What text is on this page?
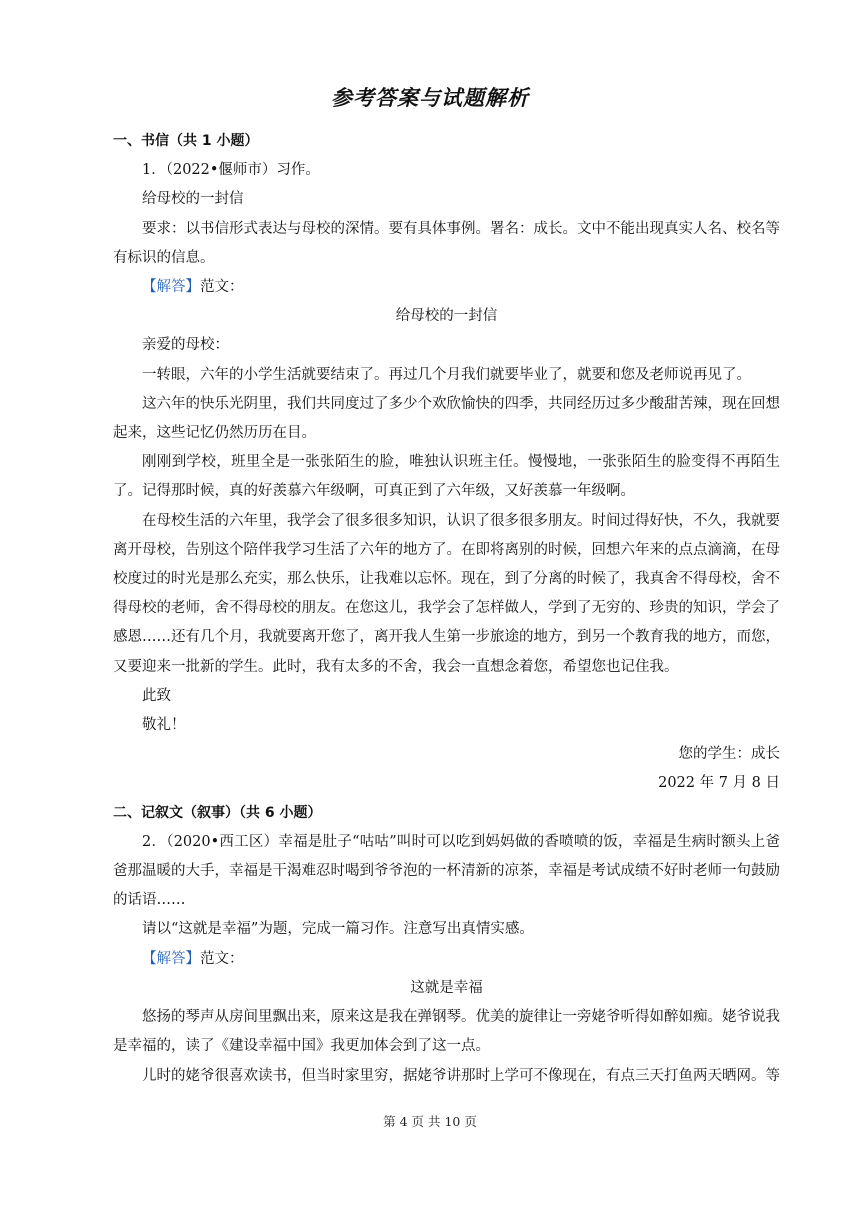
参考答案与试题解析

一、书信（共 1 小题）

1．（2022•偃师市）习作。

给母校的一封信

要求：以书信形式表达与母校的深情。要有具体事例。署名：成长。文中不能出现真实人名、校名等有标识的信息。

【解答】范文：

给母校的一封信

亲爱的母校：

一转眼，六年的小学生活就要结束了。再过几个月我们就要毕业了，就要和您及老师说再见了。

这六年的快乐光阴里，我们共同度过了多少个欢欣愉快的四季，共同经历过多少酸甜苦辣，现在回想起来，这些记忆仍然历历在目。

刚刚到学校，班里全是一张张陌生的脸，唯独认识班主任。慢慢地，一张张陌生的脸变得不再陌生了。记得那时候，真的好羡慕六年级啊，可真正到了六年级，又好羡慕一年级啊。

在母校生活的六年里，我学会了很多很多知识，认识了很多很多朋友。时间过得好快，不久，我就要离开母校，告别这个陪伴我学习生活了六年的地方了。在即将离别的时候，回想六年来的点点滴滴，在母校度过的时光是那么充实，那么快乐，让我难以忘怀。现在，到了分离的时候了，我真舍不得母校，舍不得母校的老师，舍不得母校的朋友。在您这儿，我学会了怎样做人，学到了无穷的、珍贵的知识，学会了感恩……还有几个月，我就要离开您了，离开我人生第一步旅途的地方，到另一个教育我的地方，而您，又要迎来一批新的学生。此时，我有太多的不舍，我会一直想念着您，希望您也记住我。

此致

敬礼！

您的学生：成长

2022 年 7 月 8 日

二、记叙文（叙事）（共 6 小题）

2．（2020•西工区）幸福是肚子“咕咕”叫时可以吃到妈妈做的香喷喷的饭，幸福是生病时额头上爸爸那温暖的大手，幸福是干渴难忍时喝到爷爷泡的一杯清新的凉茶，幸福是考试成绩不好时老师一句鼓励的话语……

请以“这就是幸福”为题，完成一篇习作。注意写出真情实感。

【解答】范文：

这就是幸福

悠扬的琴声从房间里飘出来，原来这是我在弹钢琴。优美的旋律让一旁姥爷听得如醉如痴。姥爷说我是幸福的，读了《建设幸福中国》我更加体会到了这一点。

儿时的姥爷很喜欢读书，但当时家里穷，据姥爷讲那时上学可不像现在，有点三天打鱼两天晒网。等

第 4 页 共 10 页
